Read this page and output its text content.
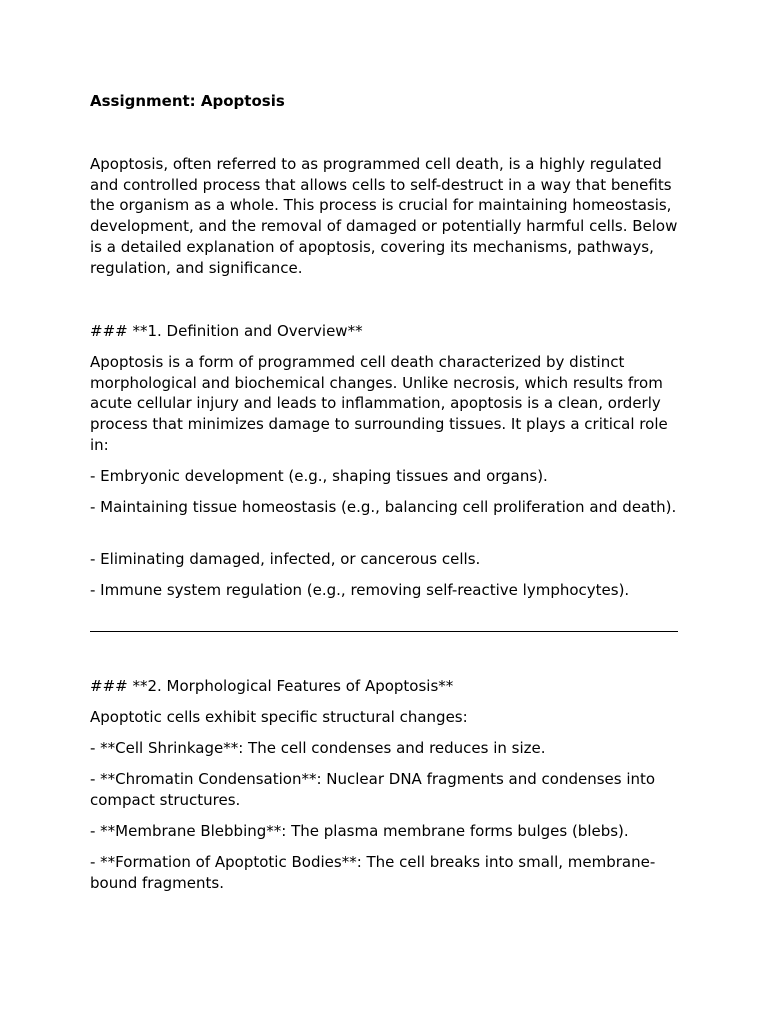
Assignment: Apoptosis

Apoptosis, often referred to as programmed cell death, is a highly regulated and controlled process that allows cells to self-destruct in a way that benefits the organism as a whole. This process is crucial for maintaining homeostasis, development, and the removal of damaged or potentially harmful cells. Below is a detailed explanation of apoptosis, covering its mechanisms, pathways, regulation, and significance.

### **1. Definition and Overview**

Apoptosis is a form of programmed cell death characterized by distinct morphological and biochemical changes. Unlike necrosis, which results from acute cellular injury and leads to inflammation, apoptosis is a clean, orderly process that minimizes damage to surrounding tissues. It plays a critical role in:

- Embryonic development (e.g., shaping tissues and organs).

- Maintaining tissue homeostasis (e.g., balancing cell proliferation and death).

- Eliminating damaged, infected, or cancerous cells.

- Immune system regulation (e.g., removing self-reactive lymphocytes).

### **2. Morphological Features of Apoptosis**

Apoptotic cells exhibit specific structural changes:

- **Cell Shrinkage**: The cell condenses and reduces in size.

- **Chromatin Condensation**: Nuclear DNA fragments and condenses into compact structures.

- **Membrane Blebbing**: The plasma membrane forms bulges (blebs).

- **Formation of Apoptotic Bodies**: The cell breaks into small, membrane-bound fragments.
